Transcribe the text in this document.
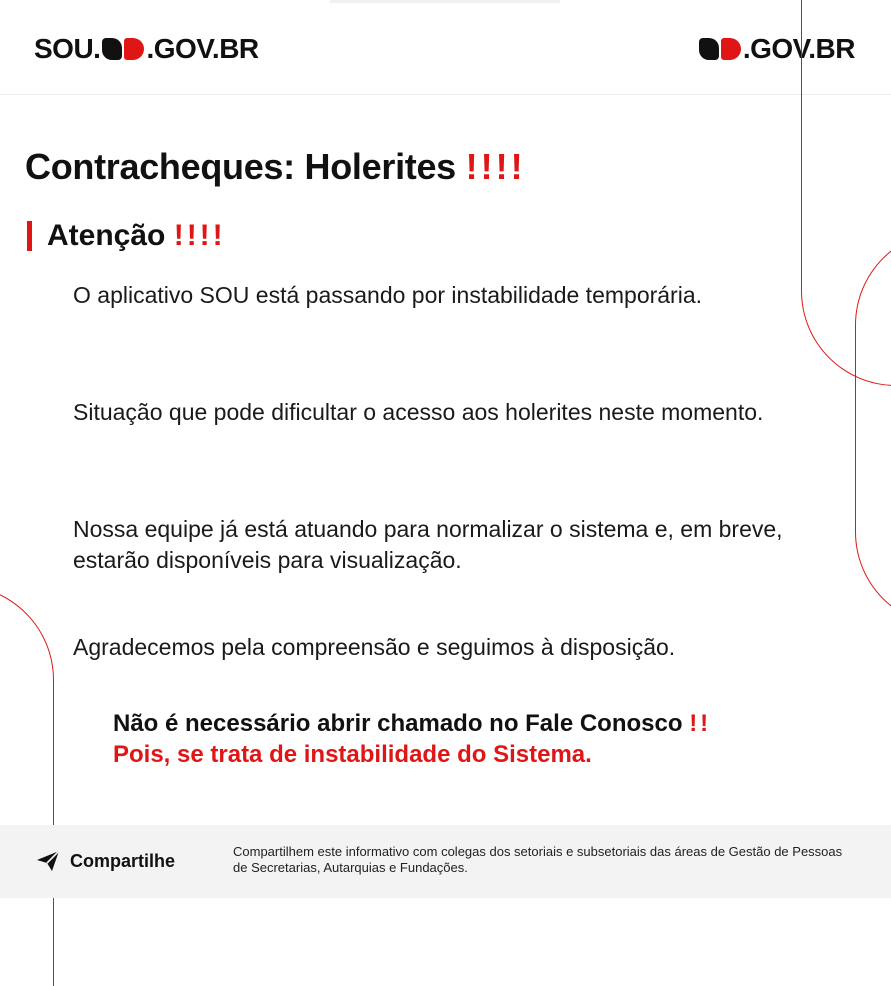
SOU. .GOV.BR	.GOV.BR
Contracheques: Holerites !!!!
Atenção !!!!

O aplicativo SOU está passando por instabilidade temporária.

Situação que pode dificultar o acesso aos holerites neste momento.

Nossa equipe já está atuando para normalizar o sistema e, em breve, estarão disponíveis para visualização.

Agradecemos pela compreensão e seguimos à disposição.

Não é necessário abrir chamado no Fale Conosco !!
Pois, se trata de instabilidade do Sistema.
Compartilhe	Compartilhem este informativo com colegas dos setoriais e subsetoriais das áreas de Gestão de Pessoas de Secretarias, Autarquias e Fundações.
